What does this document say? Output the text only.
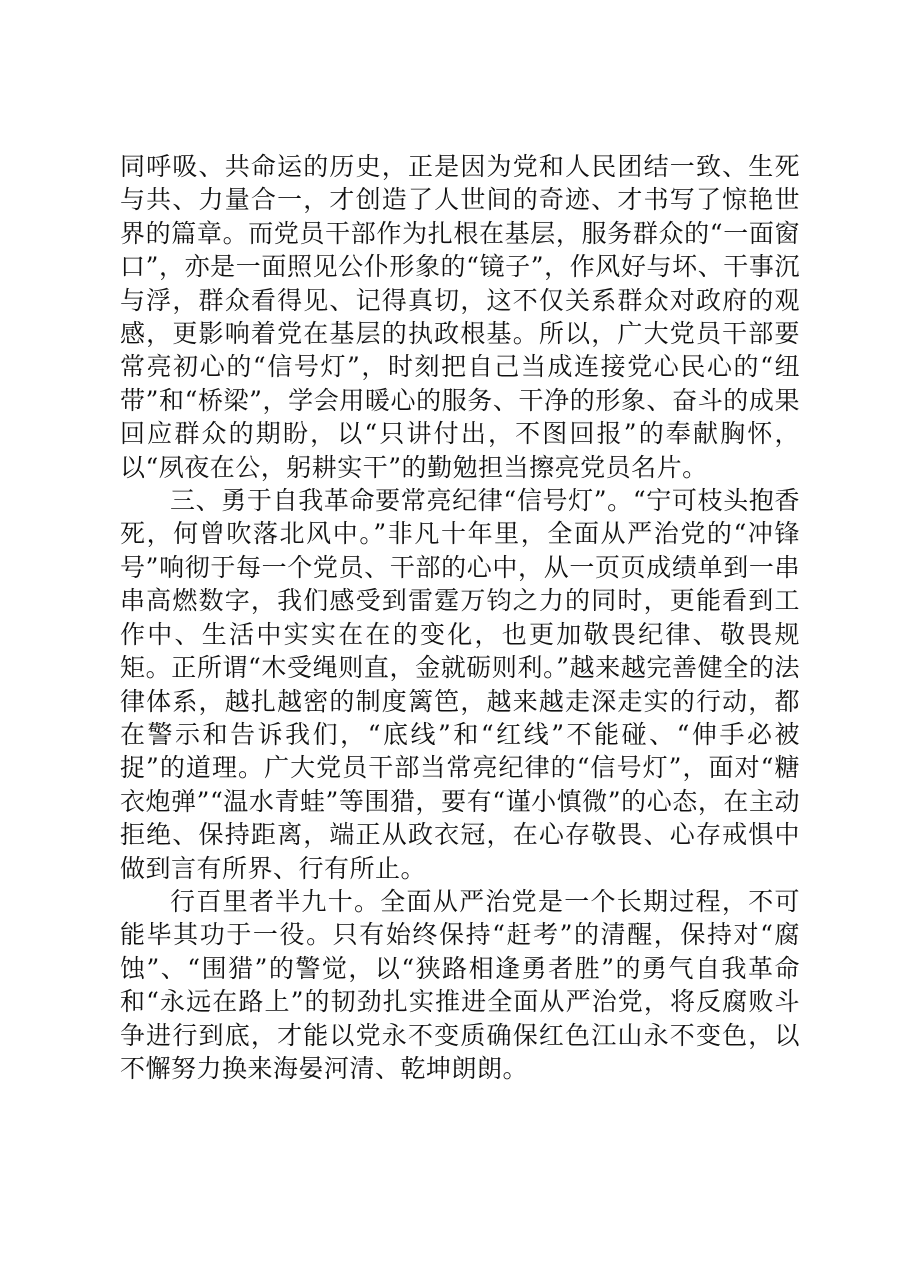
同呼吸、共命运的历史，正是因为党和人民团结一致、生死与共、力量合一，才创造了人世间的奇迹、才书写了惊艳世界的篇章。而党员干部作为扎根在基层，服务群众的“一面窗口”，亦是一面照见公仆形象的“镜子”，作风好与坏、干事沉与浮，群众看得见、记得真切，这不仅关系群众对政府的观感，更影响着党在基层的执政根基。所以，广大党员干部要常亮初心的“信号灯”，时刻把自己当成连接党心民心的“纽带”和“桥梁”，学会用暖心的服务、干净的形象、奋斗的成果回应群众的期盼，以“只讲付出，不图回报”的奉献胸怀，以“夙夜在公，躬耕实干”的勤勉担当擦亮党员名片。

三、勇于自我革命要常亮纪律“信号灯”。“宁可枝头抱香死，何曾吹落北风中。”非凡十年里，全面从严治党的“冲锋号”响彻于每一个党员、干部的心中，从一页页成绩单到一串串高燃数字，我们感受到雷霆万钧之力的同时，更能看到工作中、生活中实实在在的变化，也更加敬畏纪律、敬畏规矩。正所谓“木受绳则直，金就砺则利。”越来越完善健全的法律体系，越扎越密的制度篱笆，越来越走深走实的行动，都在警示和告诉我们，“底线”和“红线”不能碰、“伸手必被捉”的道理。广大党员干部当常亮纪律的“信号灯”，面对“糖衣炮弹”“温水青蛙”等围猎，要有“谨小慎微”的心态，在主动拒绝、保持距离，端正从政衣冠，在心存敬畏、心存戒惧中做到言有所界、行有所止。

行百里者半九十。全面从严治党是一个长期过程，不可能毕其功于一役。只有始终保持“赶考”的清醒，保持对“腐蚀”、“围猎”的警觉，以“狭路相逢勇者胜”的勇气自我革命和“永远在路上”的韧劲扎实推进全面从严治党，将反腐败斗争进行到底，才能以党永不变质确保红色江山永不变色，以不懈努力换来海晏河清、乾坤朗朗。
